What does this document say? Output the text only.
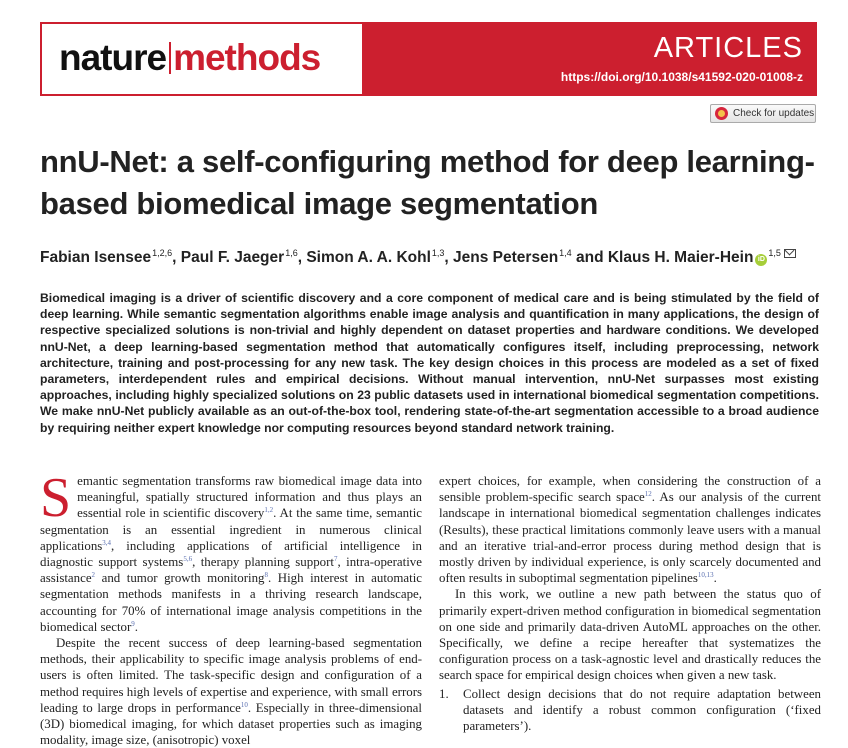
nature methods	ARTICLES
https://doi.org/10.1038/s41592-020-01008-z
Check for updates
nnU-Net: a self-configuring method for deep learning-based biomedical image segmentation
Fabian Isensee$^{1,2,6}$, Paul F. Jaeger$^{1,6}$, Simon A. A. Kohl$^{1,3}$, Jens Petersen$^{1,4}$ and Klaus H. Maier-Hein iD$^{1,5}$
Biomedical imaging is a driver of scientific discovery and a core component of medical care and is being stimulated by the field of deep learning. While semantic segmentation algorithms enable image analysis and quantification in many applications, the design of respective specialized solutions is non-trivial and highly dependent on dataset properties and hardware conditions. We developed nnU-Net, a deep learning-based segmentation method that automatically configures itself, including preprocessing, network architecture, training and post-processing for any new task. The key design choices in this process are modeled as a set of fixed parameters, interdependent rules and empirical decisions. Without manual intervention, nnU-Net surpasses most existing approaches, including highly specialized solutions on 23 public datasets used in international biomedical segmentation competitions. We make nnU-Net publicly available as an out-of-the-box tool, rendering state-of-the-art segmentation accessible to a broad audience by requiring neither expert knowledge nor computing resources beyond standard network training.

Semantic segmentation transforms raw biomedical image data into meaningful, spatially structured information and thus plays an essential role in scientific discovery$^{1,2}$. At the same time, semantic segmentation is an essential ingredient in numerous clinical applications$^{3,4}$, including applications of artificial intelligence in diagnostic support systems$^{5,6}$, therapy planning support$^7$, intra-operative assistance$^2$ and tumor growth monitoring$^8$. High interest in automatic segmentation methods manifests in a thriving research landscape, accounting for 70% of international image analysis competitions in the biomedical sector$^9$.

Despite the recent success of deep learning-based segmentation methods, their applicability to specific image analysis problems of end-users is often limited. The task-specific design and configuration of a method requires high levels of expertise and experience, with small errors leading to large drops in performance$^{10}$. Especially in three-dimensional (3D) biomedical imaging, for which dataset properties such as imaging modality, image size, (anisotropic) voxel

expert choices, for example, when considering the construction of a sensible problem-specific search space$^{12}$. As our analysis of the current landscape in international biomedical segmentation challenges indicates (Results), these practical limitations commonly leave users with a manual and an iterative trial-and-error process during method design that is mostly driven by individual experience, is only scarcely documented and often results in suboptimal segmentation pipelines$^{10,13}$.

In this work, we outline a new path between the status quo of primarily expert-driven method configuration in biomedical segmentation on one side and primarily data-driven AutoML approaches on the other. Specifically, we define a recipe hereafter that systematizes the configuration process on a task-agnostic level and drastically reduces the search space for empirical design choices when given a new task.

1. Collect design decisions that do not require adaptation between datasets and identify a robust common configuration (‘fixed parameters’).
